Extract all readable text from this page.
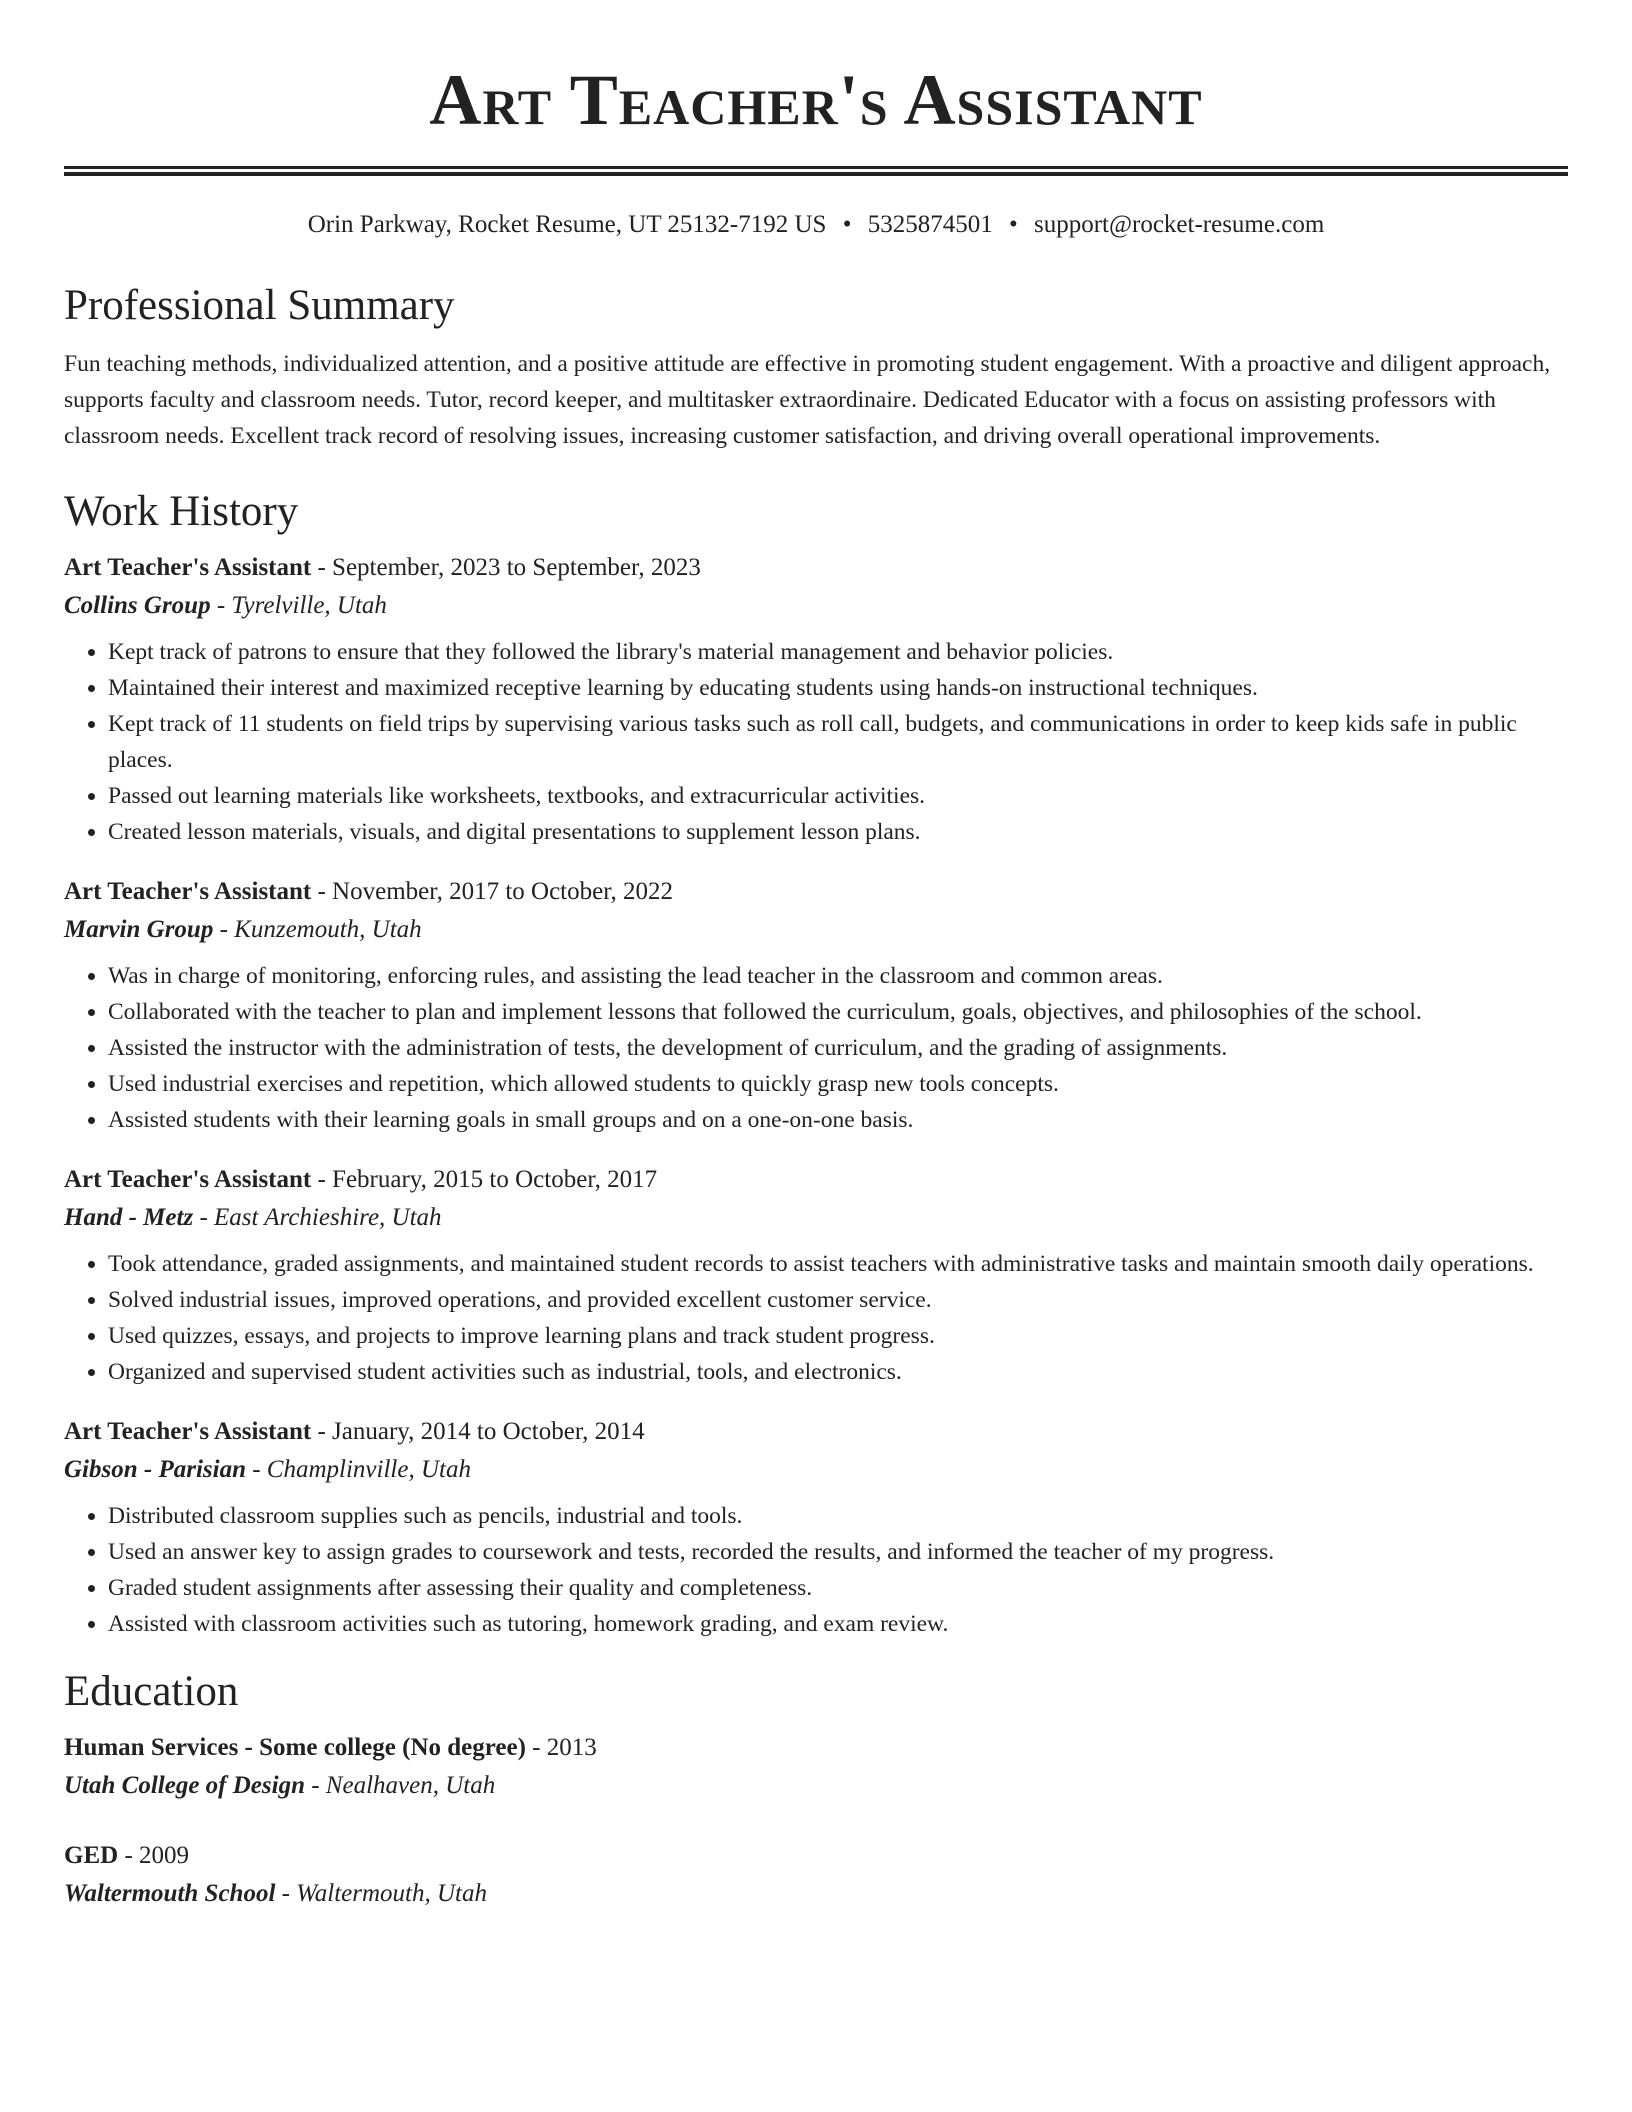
Art Teacher's Assistant
Orin Parkway, Rocket Resume, UT 25132-7192 US • 5325874501 • support@rocket-resume.com
Professional Summary

Fun teaching methods, individualized attention, and a positive attitude are effective in promoting student engagement. With a proactive and diligent approach, supports faculty and classroom needs. Tutor, record keeper, and multitasker extraordinaire. Dedicated Educator with a focus on assisting professors with classroom needs. Excellent track record of resolving issues, increasing customer satisfaction, and driving overall operational improvements.

Work History
Art Teacher's Assistant - September, 2023 to September, 2023
Collins Group - Tyrelville, Utah
• Kept track of patrons to ensure that they followed the library's material management and behavior policies.
• Maintained their interest and maximized receptive learning by educating students using hands-on instructional techniques.
• Kept track of 11 students on field trips by supervising various tasks such as roll call, budgets, and communications in order to keep kids safe in public places.
• Passed out learning materials like worksheets, textbooks, and extracurricular activities.
• Created lesson materials, visuals, and digital presentations to supplement lesson plans.
Art Teacher's Assistant - November, 2017 to October, 2022
Marvin Group - Kunzemouth, Utah
• Was in charge of monitoring, enforcing rules, and assisting the lead teacher in the classroom and common areas.
• Collaborated with the teacher to plan and implement lessons that followed the curriculum, goals, objectives, and philosophies of the school.
• Assisted the instructor with the administration of tests, the development of curriculum, and the grading of assignments.
• Used industrial exercises and repetition, which allowed students to quickly grasp new tools concepts.
• Assisted students with their learning goals in small groups and on a one-on-one basis.
Art Teacher's Assistant - February, 2015 to October, 2017
Hand - Metz - East Archieshire, Utah
• Took attendance, graded assignments, and maintained student records to assist teachers with administrative tasks and maintain smooth daily operations.
• Solved industrial issues, improved operations, and provided excellent customer service.
• Used quizzes, essays, and projects to improve learning plans and track student progress.
• Organized and supervised student activities such as industrial, tools, and electronics.
Art Teacher's Assistant - January, 2014 to October, 2014
Gibson - Parisian - Champlinville, Utah
• Distributed classroom supplies such as pencils, industrial and tools.
• Used an answer key to assign grades to coursework and tests, recorded the results, and informed the teacher of my progress.
• Graded student assignments after assessing their quality and completeness.
• Assisted with classroom activities such as tutoring, homework grading, and exam review.
Education
Human Services - Some college (No degree) - 2013
Utah College of Design - Nealhaven, Utah
GED - 2009
Waltermouth School - Waltermouth, Utah
